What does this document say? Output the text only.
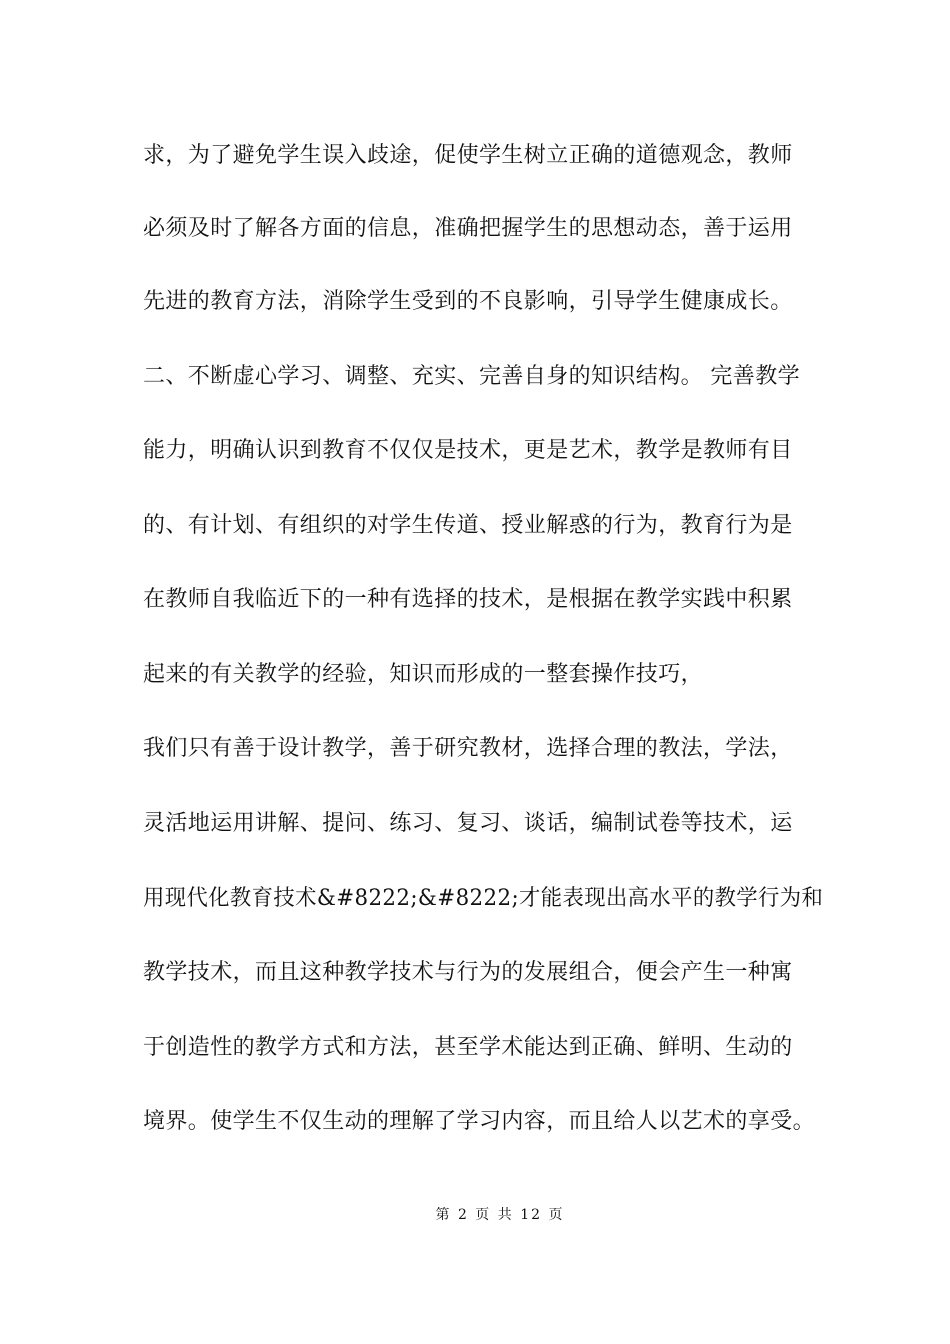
求，为了避免学生误入歧途，促使学生树立正确的道德观念，教师
必须及时了解各方面的信息，准确把握学生的思想动态，善于运用
先进的教育方法，消除学生受到的不良影响，引导学生健康成长。
二、不断虚心学习、调整、充实、完善自身的知识结构。 完善教学
能力，明确认识到教育不仅仅是技术，更是艺术，教学是教师有目
的、有计划、有组织的对学生传道、授业解惑的行为，教育行为是
在教师自我临近下的一种有选择的技术，是根据在教学实践中积累
起来的有关教学的经验，知识而形成的一整套操作技巧，
我们只有善于设计教学，善于研究教材，选择合理的教法，学法，
灵活地运用讲解、提问、练习、复习、谈话，编制试卷等技术，运
用现代化教育技术&#8222;&#8222;才能表现出高水平的教学行为和
教学技术，而且这种教学技术与行为的发展组合，便会产生一种寓
于创造性的教学方式和方法，甚至学术能达到正确、鲜明、生动的
境界。使学生不仅生动的理解了学习内容，而且给人以艺术的享受。
第 2 页 共 12 页
